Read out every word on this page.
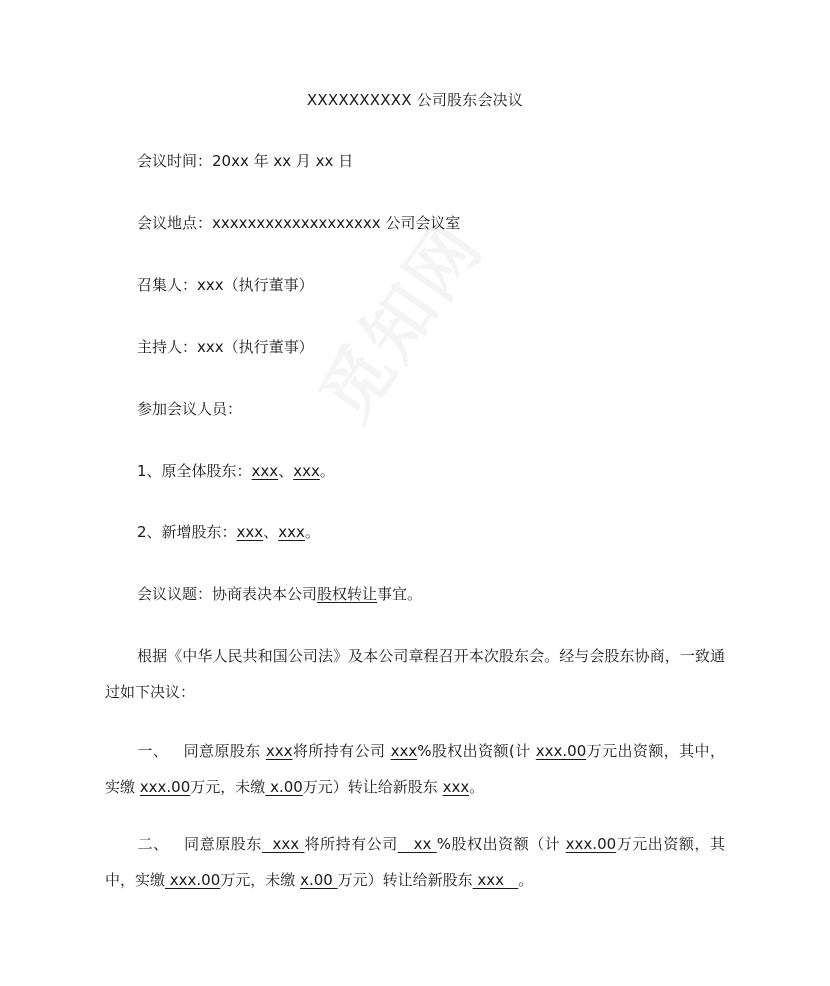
XXXXXXXXXX 公司股东会决议
会议时间：20xx 年 xx 月 xx 日
会议地点：xxxxxxxxxxxxxxxxxxx 公司会议室
召集人：xxx（执行董事）
主持人：xxx（执行董事）
参加会议人员：
1、原全体股东：xxx、xxx。
2、新增股东：xxx、xxx。
会议议题：协商表决本公司股权转让事宜。
根据《中华人民共和国公司法》及本公司章程召开本次股东会。经与会股东协商，一致通过如下决议：
一、  同意原股东 xxx将所持有公司 xxx%股权出资额(计 xxx.00万元出资额，其中，实缴 xxx.00万元，未缴 x.00万元）转让给新股东 xxx。
二、  同意原股东  xxx 将所持有公司   xx %股权出资额（计 xxx.00万元出资额，其中，实缴 xxx.00万元，未缴 x.00 万元）转让给新股东 xxx   。
